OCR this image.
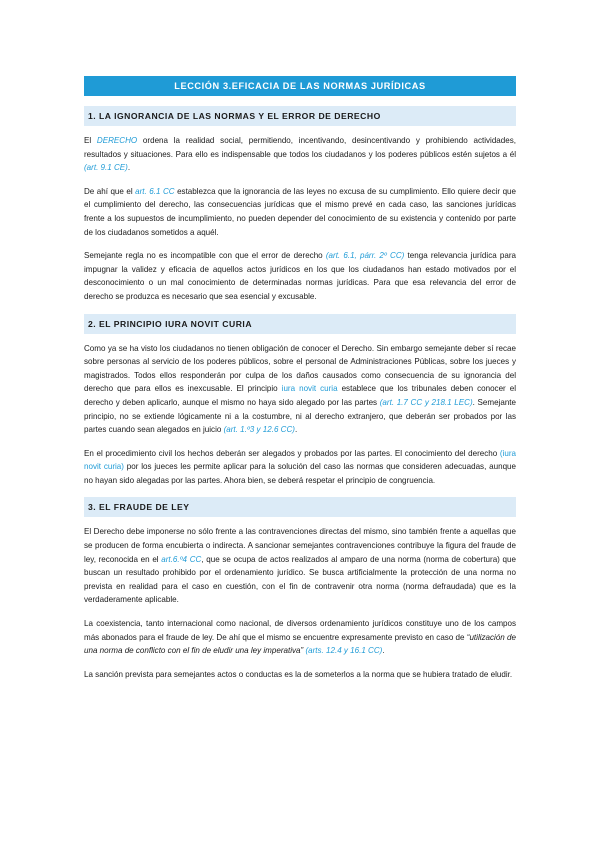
LECCIÓN 3.EFICACIA DE LAS NORMAS JURÍDICAS
1. LA IGNORANCIA DE LAS NORMAS Y EL ERROR DE DERECHO

El DERECHO ordena la realidad social, permitiendo, incentivando, desincentivando y prohibiendo actividades, resultados y situaciones. Para ello es indispensable que todos los ciudadanos y los poderes públicos estén sujetos a él (art. 9.1 CE).

De ahí que el art. 6.1 CC establezca que la ignorancia de las leyes no excusa de su cumplimiento. Ello quiere decir que el cumplimiento del derecho, las consecuencias jurídicas que el mismo prevé en cada caso, las sanciones jurídicas frente a los supuestos de incumplimiento, no pueden depender del conocimiento de su existencia y contenido por parte de los ciudadanos sometidos a aquél.

Semejante regla no es incompatible con que el error de derecho (art. 6.1, párr. 2º CC) tenga relevancia jurídica para impugnar la validez y eficacia de aquellos actos jurídicos en los que los ciudadanos han estado motivados por el desconocimiento o un mal conocimiento de determinadas normas jurídicas. Para que esa relevancia del error de derecho se produzca es necesario que sea esencial y excusable.

2. EL PRINCIPIO IURA NOVIT CURIA

Como ya se ha visto los ciudadanos no tienen obligación de conocer el Derecho. Sin embargo semejante deber sí recae sobre personas al servicio de los poderes públicos, sobre el personal de Administraciones Públicas, sobre los jueces y magistrados. Todos ellos responderán por culpa de los daños causados como consecuencia de su ignorancia del derecho que para ellos es inexcusable. El principio iura novit curia establece que los tribunales deben conocer el derecho y deben aplicarlo, aunque el mismo no haya sido alegado por las partes (art. 1.7 CC y 218.1 LEC). Semejante principio, no se extiende lógicamente ni a la costumbre, ni al derecho extranjero, que deberán ser probados por las partes cuando sean alegados en juicio (art. 1.º3 y 12.6 CC).

En el procedimiento civil los hechos deberán ser alegados y probados por las partes. El conocimiento del derecho (iura novit curia) por los jueces les permite aplicar para la solución del caso las normas que consideren adecuadas, aunque no hayan sido alegadas por las partes. Ahora bien, se deberá respetar el principio de congruencia.

3. EL FRAUDE DE LEY

El Derecho debe imponerse no sólo frente a las contravenciones directas del mismo, sino también frente a aquellas que se producen de forma encubierta o indirecta. A sancionar semejantes contravenciones contribuye la figura del fraude de ley, reconocida en el art.6.º4 CC, que se ocupa de actos realizados al amparo de una norma (norma de cobertura) que buscan un resultado prohibido por el ordenamiento jurídico. Se busca artificialmente la protección de una norma no prevista en realidad para el caso en cuestión, con el fin de contravenir otra norma (norma defraudada) que es la verdaderamente aplicable.

La coexistencia, tanto internacional como nacional, de diversos ordenamiento jurídicos constituye uno de los campos más abonados para el fraude de ley. De ahí que el mismo se encuentre expresamente previsto en caso de “utilización de una norma de conflicto con el fin de eludir una ley imperativa” (arts. 12.4 y 16.1 CC).

La sanción prevista para semejantes actos o conductas es la de someterlos a la norma que se hubiera tratado de eludir.
